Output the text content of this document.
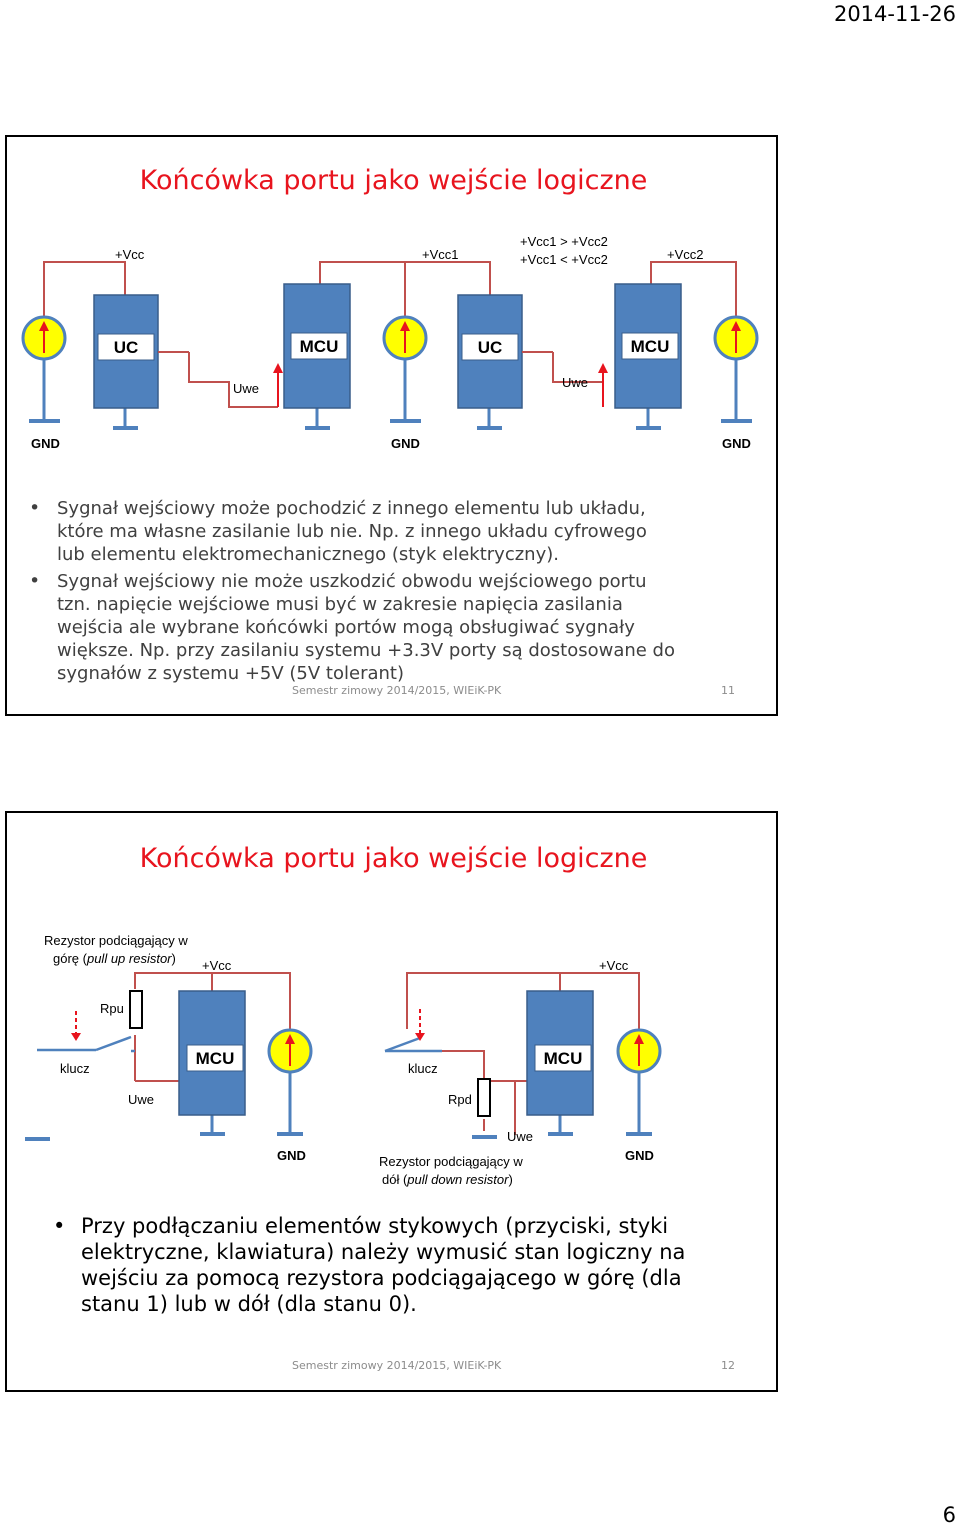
2014-11-26
Końcówka portu jako wejście logiczne
UC	MCU	UC	MCU
+Vcc	+Vcc1
+Vcc1 > +Vcc2
+Vcc1 < +Vcc2	+Vcc2
Uwe	Uwe
GND	GND	GND
• Sygnał wejściowy może pochodzić z innego elementu lub układu,
które ma własne zasilanie lub nie. Np. z innego układu cyfrowego
lub elementu elektromechanicznego (styk elektryczny).
• Sygnał wejściowy nie może uszkodzić obwodu wejściowego portu
tzn. napięcie wejściowe musi być w zakresie napięcia zasilania
wejścia ale wybrane końcówki portów mogą obsługiwać sygnały
większe. Np. przy zasilaniu systemu +3.3V porty są dostosowane do
sygnałów z systemu +5V (5V tolerant)
Semestr zimowy 2014/2015, WIEiK-PK	11
Końcówka portu jako wejście logiczne
MCU	MCU
Rezystor podciągający w
górę (pull up resistor) +Vcc	+Vcc
Rpu
klucz	klucz
Uwe	Rpd
Uwe
GND	GND
Rezystor podciągający w
dół (pull down resistor)
• Przy podłączaniu elementów stykowych (przyciski, styki
elektryczne, klawiatura) należy wymusić stan logiczny na
wejściu za pomocą rezystora podciągającego w górę (dla
stanu 1) lub w dół (dla stanu 0).
Semestr zimowy 2014/2015, WIEiK-PK	12
6
